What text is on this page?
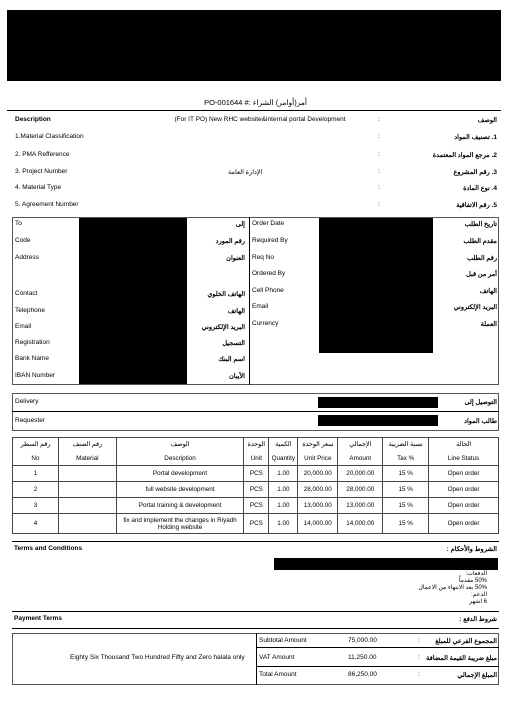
PO-001644 #: أمر(أوامر) الشراء
Description	(For IT PO) New RHC website&internal portal Development	:	الوصف
1.Material Classification	:	1. تصنيف المواد
2. PMA Refference	:	2. مرجع المواد المعتمدة
3. Project Number	الإدارة العامة	:	3. رقم المشروع
4. Material Type	:	4. نوع المادة
5. Agreement Number	:	5. رقم الاتفاقية
To	إلى
Code	رقم المورد
Address	العنوان
Contact	الهاتف الخلوي
Telephone	الهاتف
Email	البريد الإلكتروني
Registration	التسجيل
Bank Name	اسم البنك
IBAN Number	الأيبان
Order Date	تاريخ الطلب
Required By	مقدم الطلب
Req No	رقم الطلب
Ordered By	أمر من قبل
Cell Phone	الهاتف
Email	البريد الإلكتروني
Currency	العملة
Delivery	التوصيل إلى
Requester	طالب المواد
رقم السطر	رقم الصنف	الوصف	الوحدة	الكمية	سعر الوحدة	الإجمالي	نسبة الضريبة	الحالة
No	Material	Description	Unit	Quantity	Unit Price	Amount	Tax %	Line Status
1		Portal development	PCS	1.00	20,000.00	20,000.00	15 %	Open order
2		full website development	PCS	1.00	28,000.00	28,000.00	15 %	Open order
3		Portal training & development	PCS	1.00	13,000.00	13,000.00	15 %	Open order
4		fix and implement the changes in Riyadh Holding website	PCS	1.00	14,000.00	14,000.00	15 %	Open order
Terms and Conditions	الشروط والأحكام :
الدفعات:
50% مقدماً
50% بعد الانتهاء من الاعمال
الدعم:
6 اشهر
Payment Terms	شروط الدفع :
Eighty Six Thousand Two Hundred Fifty and Zero halala only
Subtotal Amount	75,000.00	: المجموع الفرعي للمبلغ
VAT Amount	11,250.00	: مبلغ ضريبة القيمة المضافة
Total Amount	86,250.00	:	المبلغ الإجمالي
